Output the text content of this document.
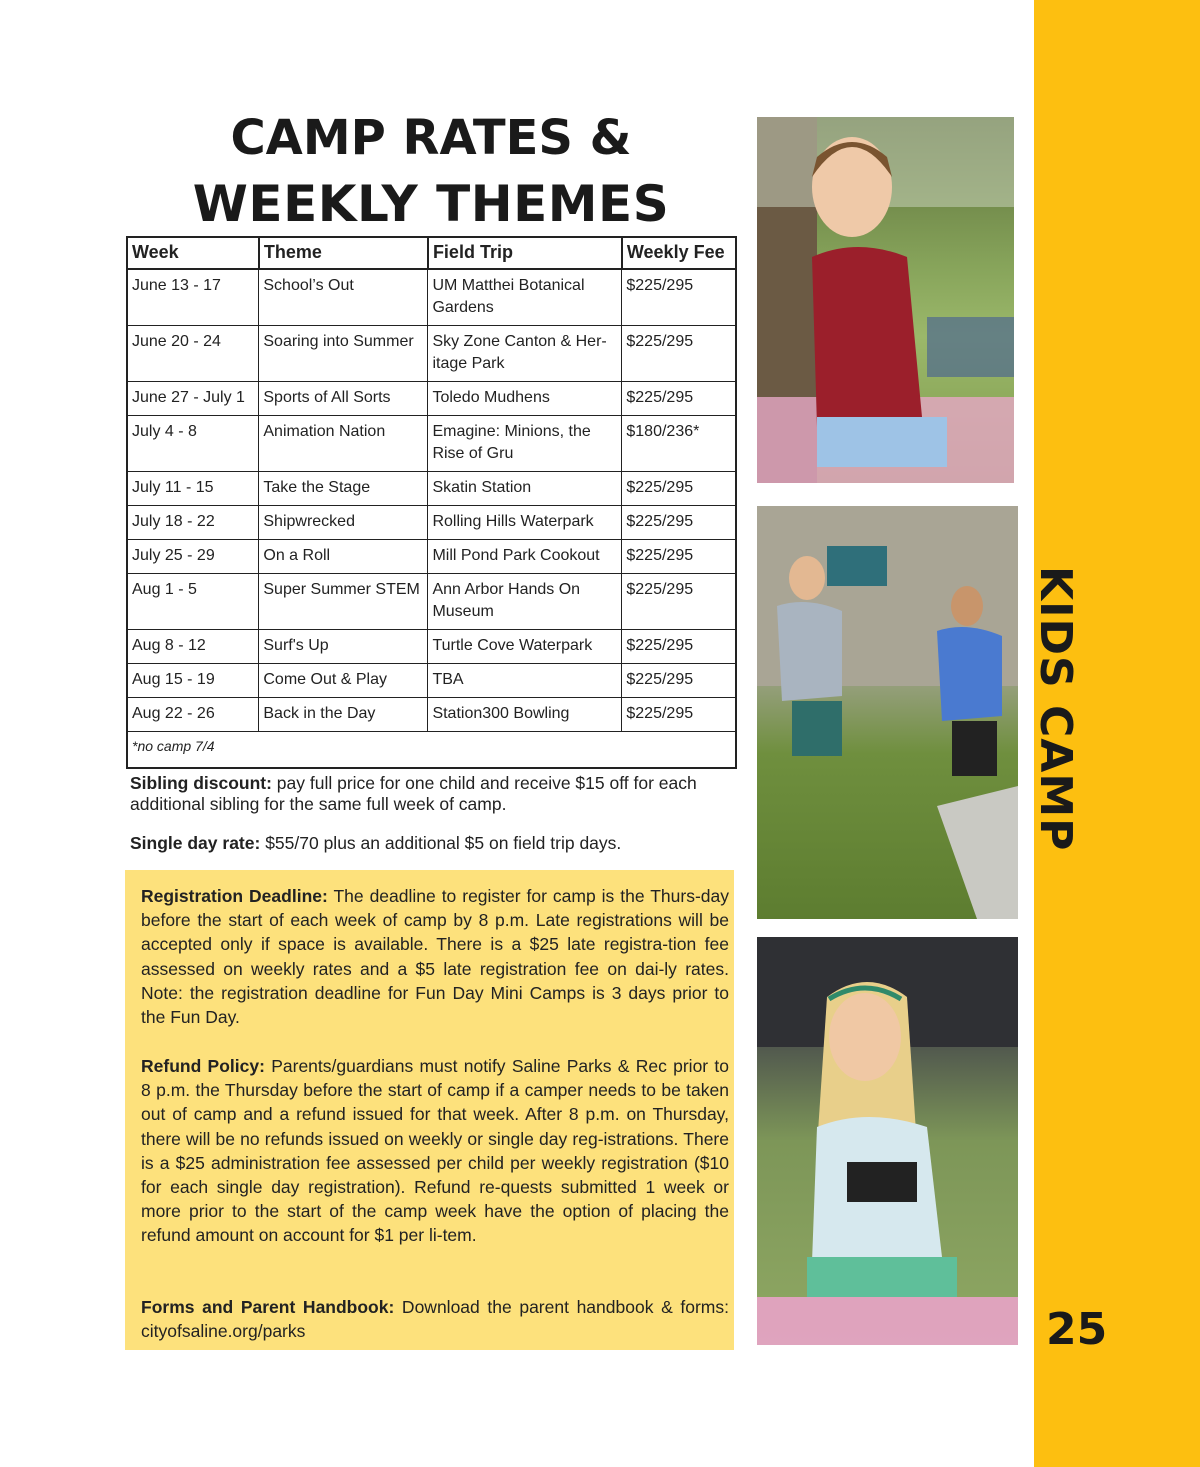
CAMP RATES &
WEEKLY THEMES
Week	Theme	Field Trip	Weekly Fee
June 13 - 17	School’s Out	UM Matthei Botanical Gardens	$225/295
June 20 - 24	Soaring into Summer	Sky Zone Canton & Her-itage Park	$225/295
June 27 - July 1	Sports of All Sorts	Toledo Mudhens	$225/295
July 4 - 8	Animation Nation	Emagine: Minions, the Rise of Gru	$180/236*
July 11 - 15	Take the Stage	Skatin Station	$225/295
July 18 - 22	Shipwrecked	Rolling Hills Waterpark	$225/295
July 25 - 29	On a Roll	Mill Pond Park Cookout	$225/295
Aug 1 - 5	Super Summer STEM	Ann Arbor Hands On Museum	$225/295
Aug 8 - 12	Surf's Up	Turtle Cove Waterpark	$225/295
Aug 15 - 19	Come Out & Play	TBA	$225/295
Aug 22 - 26	Back in the Day	Station300 Bowling	$225/295
*no camp 7/4			

Sibling discount: pay full price for one child and receive $15 off for each additional sibling for the same full week of camp.

Single day rate: $55/70 plus an additional $5 on field trip days.

Registration Deadline: The deadline to register for camp is the Thurs-day before the start of each week of camp by 8 p.m. Late registrations will be accepted only if space is available. There is a $25 late registra-tion fee assessed on weekly rates and a $5 late registration fee on dai-ly rates. Note: the registration deadline for Fun Day Mini Camps is 3 days prior to the Fun Day.

Refund Policy: Parents/guardians must notify Saline Parks & Rec prior to 8 p.m. the Thursday before the start of camp if a camper needs to be taken out of camp and a refund issued for that week. After 8 p.m. on Thursday, there will be no refunds issued on weekly or single day reg-istrations. There is a $25 administration fee assessed per child per weekly registration ($10 for each single day registration). Refund re-quests submitted 1 week or more prior to the start of the camp week have the option of placing the refund amount on account for $1 per li-tem.

Forms and Parent Handbook: Download the parent handbook & forms: cityofsaline.org/parks

KIDS CAMP
25
